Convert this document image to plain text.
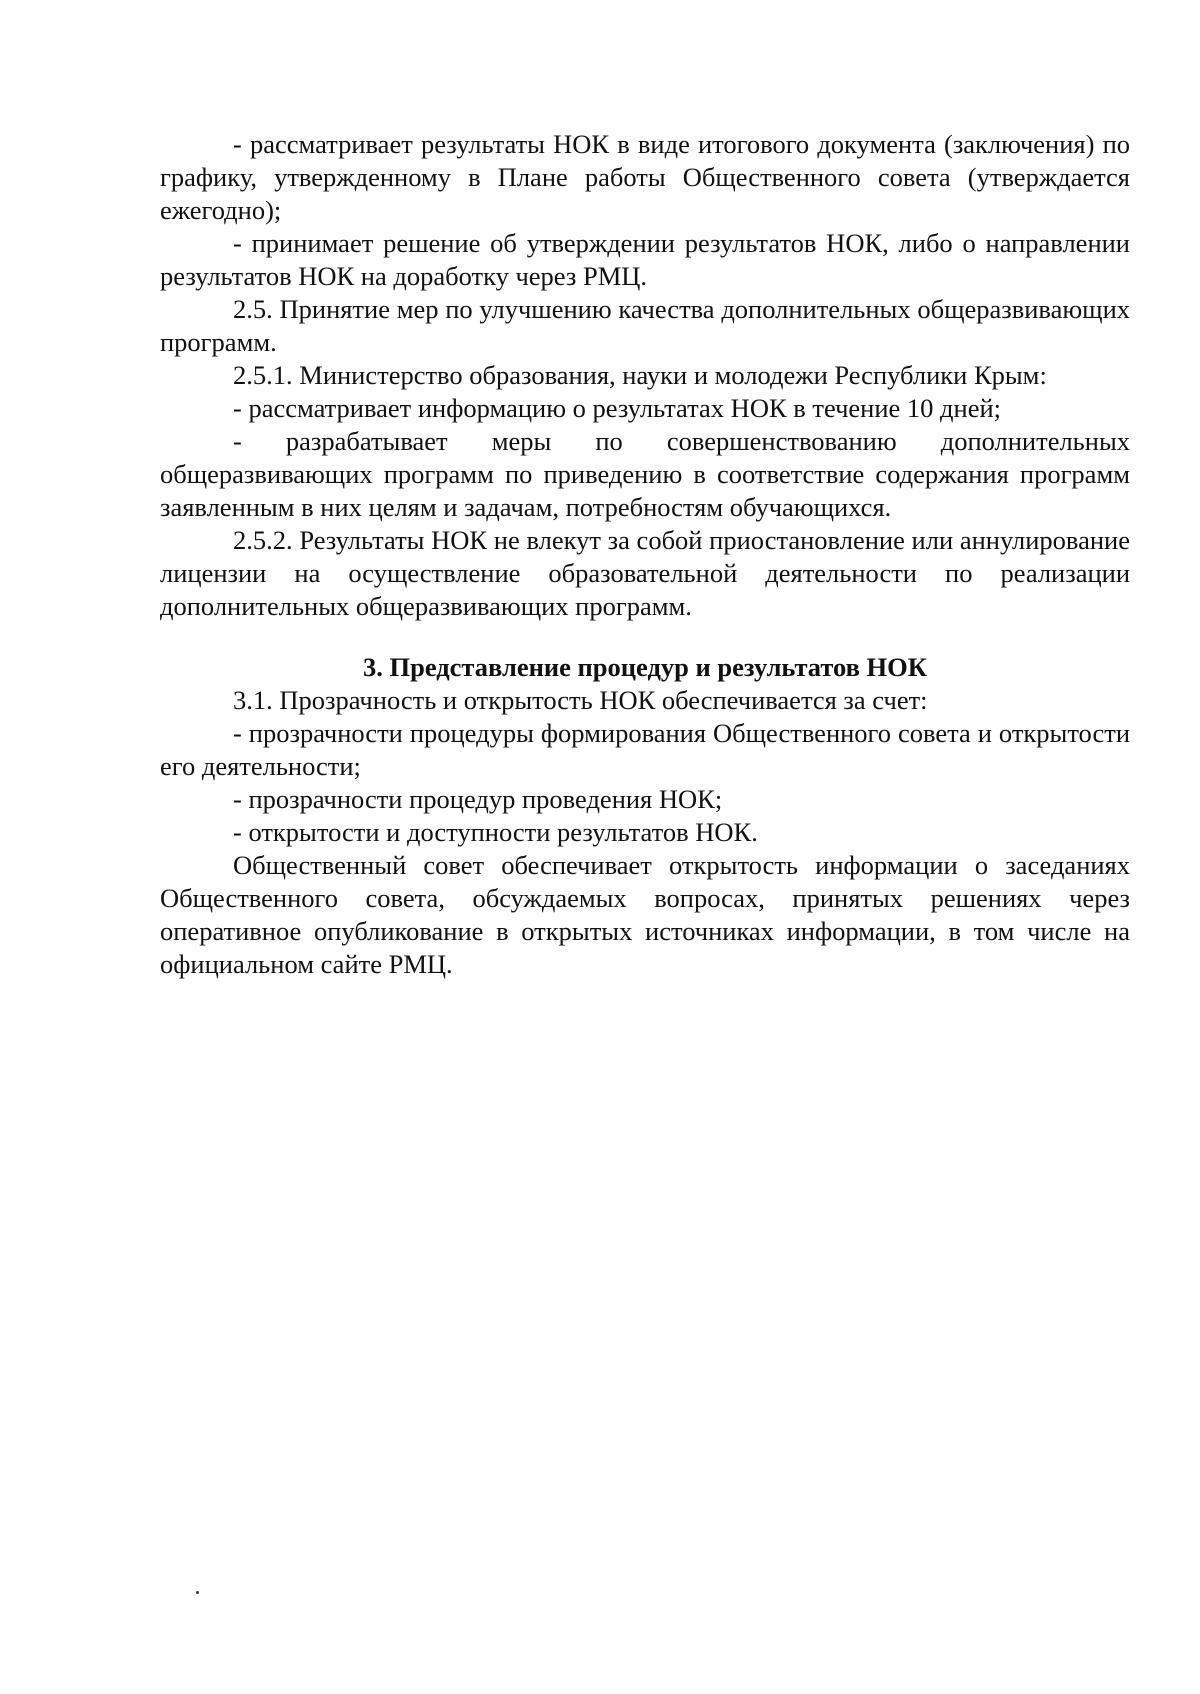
- рассматривает результаты НОК в виде итогового документа (заключения) по графику, утвержденному в Плане работы Общественного совета (утверждается ежегодно);

- принимает решение об утверждении результатов НОК, либо о направлении результатов НОК на доработку через РМЦ.

2.5. Принятие мер по улучшению качества дополнительных общеразвивающих программ.

2.5.1. Министерство образования, науки и молодежи Республики Крым:

- рассматривает информацию о результатах НОК в течение 10 дней;

- разрабатывает меры по совершенствованию дополнительных общеразвивающих программ по приведению в соответствие содержания программ заявленным в них целям и задачам, потребностям обучающихся.

2.5.2. Результаты НОК не влекут за собой приостановление или аннулирование лицензии на осуществление образовательной деятельности по реализации дополнительных общеразвивающих программ.

3. Представление процедур и результатов НОК

3.1. Прозрачность и открытость НОК обеспечивается за счет:

- прозрачности процедуры формирования Общественного совета и открытости его деятельности;

- прозрачности процедур проведения НОК;

- открытости и доступности результатов НОК.

Общественный совет обеспечивает открытость информации о заседаниях Общественного совета, обсуждаемых вопросах, принятых решениях через оперативное опубликование в открытых источниках информации, в том числе на официальном сайте РМЦ.
